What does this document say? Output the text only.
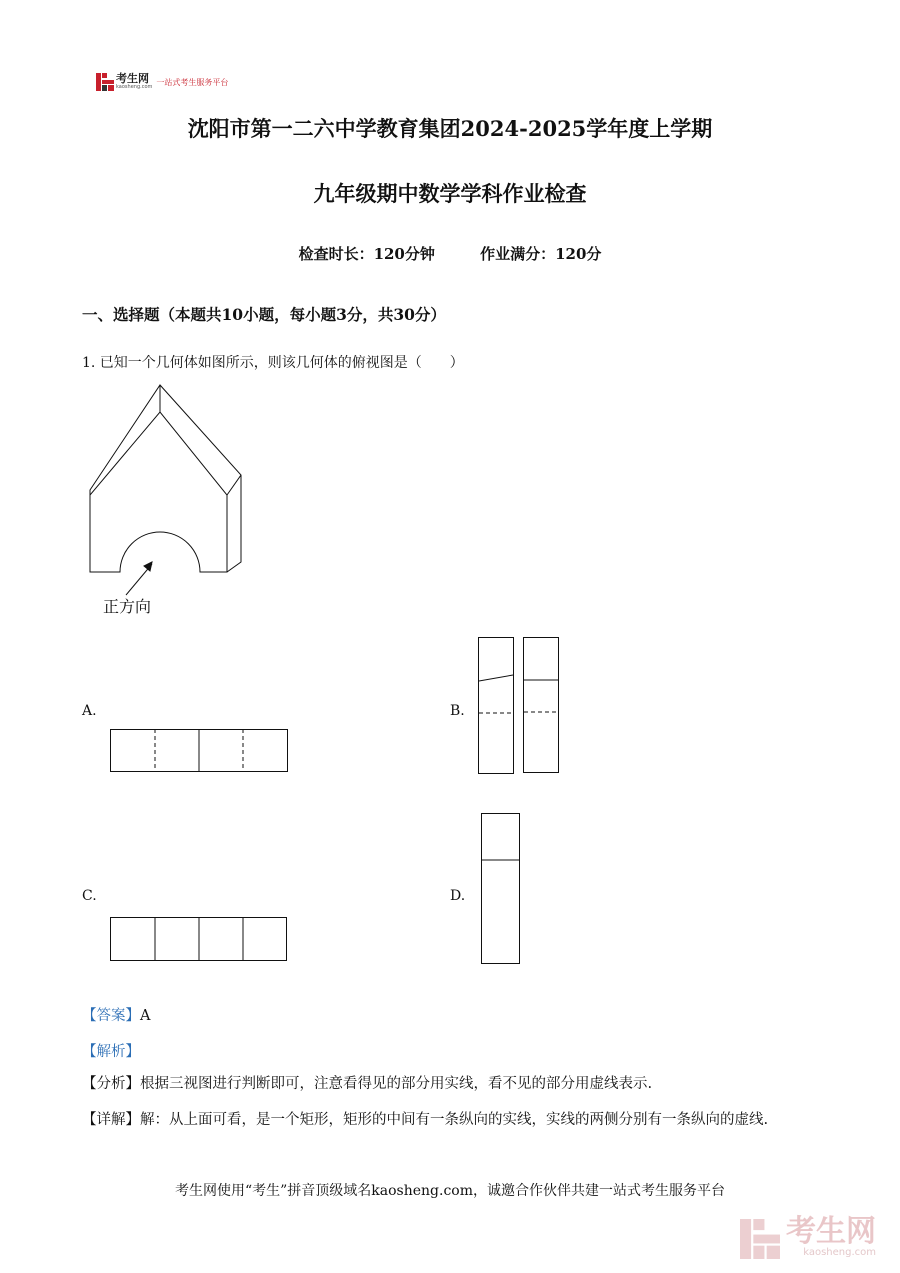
考生网
kaosheng.com
一站式考生服务平台
沈阳市第一二六中学教育集团2024-2025学年度上学期
九年级期中数学学科作业检查
检查时长：120分钟	作业满分：120分
一、选择题（本题共10小题，每小题3分，共30分）
1. 已知一个几何体如图所示，则该几何体的俯视图是（　　）
正方向
A.	B.
C.	D.
【答案】A
【解析】
【分析】根据三视图进行判断即可，注意看得见的部分用实线，看不见的部分用虚线表示.
【详解】解：从上面可看，是一个矩形，矩形的中间有一条纵向的实线，实线的两侧分别有一条纵向的虚线.
考生网使用“考生”拼音顶级域名kaosheng.com，诚邀合作伙伴共建一站式考生服务平台
考生网
kaosheng.com
